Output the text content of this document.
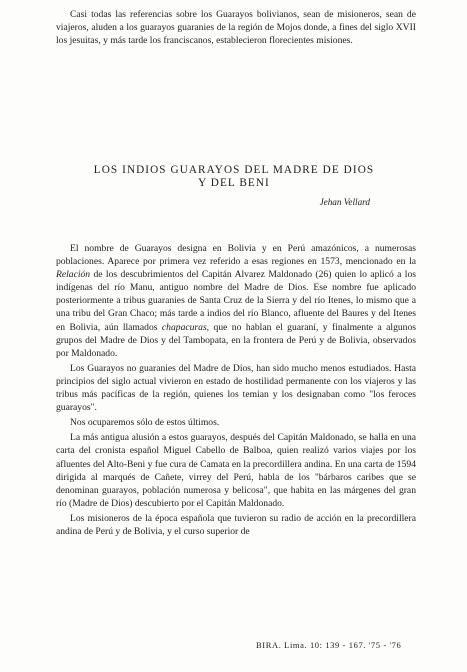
Casi todas las referencias sobre los Guarayos bolivianos, sean de misioneros, sean de viajeros, aluden a los guarayos guaranies de la región de Mojos donde, a fines del siglo XVII los jesuitas, y más tarde los franciscanos, establecieron florecientes misiones.

LOS INDIOS GUARAYOS DEL MADRE DE DIOS
Y DEL BENI
Jehan Vellard

El nombre de Guarayos designa en Bolivia y en Perú amazónicos, a numerosas poblaciones. Aparece por primera vez referido a esas regiones en 1573, mencionado en la Relación de los descubrimientos del Capitán Alvarez Maldonado (26) quien lo aplicó a los indígenas del río Manu, antiguo nombre del Madre de Dios. Ese nombre fue aplicado posteriormente a tribus guaranies de Santa Cruz de la Sierra y del río Itenes, lo mismo que a una tribu del Gran Chaco; más tarde a indios del río Blanco, afluente del Baures y del Itenes en Bolivia, aún llamados chapacuras, que no hablan el guaraní, y finalmente a algunos grupos del Madre de Dios y del Tambopata, en la frontera de Perú y de Bolivia, observados por Maldonado.

Los Guarayos no guaranies del Madre de Dios, han sido mucho menos estudiados. Hasta principios del siglo actual vivieron en estado de hostilidad permanente con los viajeros y las tribus más pacíficas de la región, quienes los temian y los designaban como "los feroces guarayos".

Nos ocuparemos sólo de estos últimos.

La más antigua alusión a estos guarayos, después del Capitán Maldonado, se halla en una carta del cronista español Miguel Cabello de Balboa, quien realizó varios viajes por los afluentes del Alto-Beni y fue cura de Camata en la precordillera andina. En una carta de 1594 dirigida al marqués de Cañete, virrey del Perú, habla de los "bárbaros caribes que se denominan guarayos, población numerosa y belicosa", que habita en las márgenes del gran río (Madre de Dios) descubierto por el Capitán Maldonado.

Los misioneros de la época española que tuvieron su radio de acción en la precordillera andina de Perú y de Bolivia, y el curso superior de

BIRA. Lima. 10: 139 - 167. '75 - '76
